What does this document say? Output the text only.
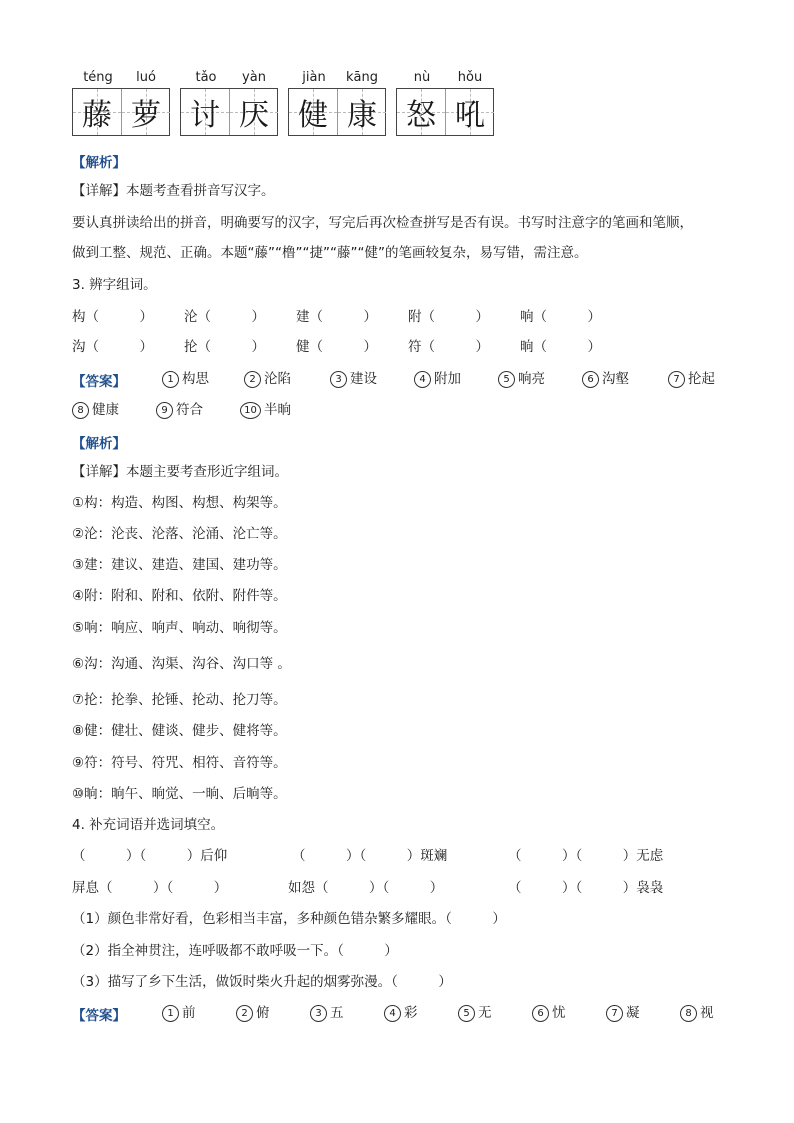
téng	luó
藤 萝
tǎo	yàn
讨 厌
jiàn	kāng
健 康
nù	hǒu
怒 吼
【解析】
【详解】本题考查看拼音写汉字。
要认真拼读给出的拼音，明确要写的汉字，写完后再次检查拼写是否有误。书写时注意字的笔画和笔顺，
做到工整、规范、正确。本题“藤”“橹”“捷”“藤”“健”的笔画较复杂，易写错，需注意。
3. 辨字组词。
构（　　　） 沦（　　　） 建（　　　） 附（　　　） 响（　　　）
沟（　　　） 抡（　　　） 健（　　　） 符（　　　） 晌（　　　）
【答案】	1 构思	2 沦陷	3 建设	4 附加	5 响亮	6 沟壑	7 抡起
8 健康	9 符合	10 半晌
【解析】
【详解】本题主要考查形近字组词。
①构：构造、构图、构想、构架等。
②沦：沦丧、沦落、沦涌、沦亡等。
③建：建议、建造、建国、建功等。
④附：附和、附和、依附、附件等。
⑤响：响应、响声、响动、响彻等。
⑥沟：沟通、沟渠、沟谷、沟口等 。
⑦抡：抡拳、抡锤、抡动、抡刀等。
⑧健：健壮、健谈、健步、健将等。
⑨符：符号、符咒、相符、音符等。
⑩晌：晌午、晌觉、一晌、后晌等。
4. 补充词语并选词填空。
（　　　）（　　　）后仰	（　　　）（　　　）斑斓	（　　　）（　　　）无虑
屏息（　　　）（　　　）	如怨（　　　）（　　　）	（　　　）（　　　）袅袅
（1）颜色非常好看，色彩相当丰富，多种颜色错杂繁多耀眼。（　　　）
（2）指全神贯注，连呼吸都不敢呼吸一下。（　　　）
（3）描写了乡下生活，做饭时柴火升起的烟雾弥漫。（　　　）
【答案】	1 前	2 俯	3 五	4 彩	5 无	6 忧	7 凝	8 视
